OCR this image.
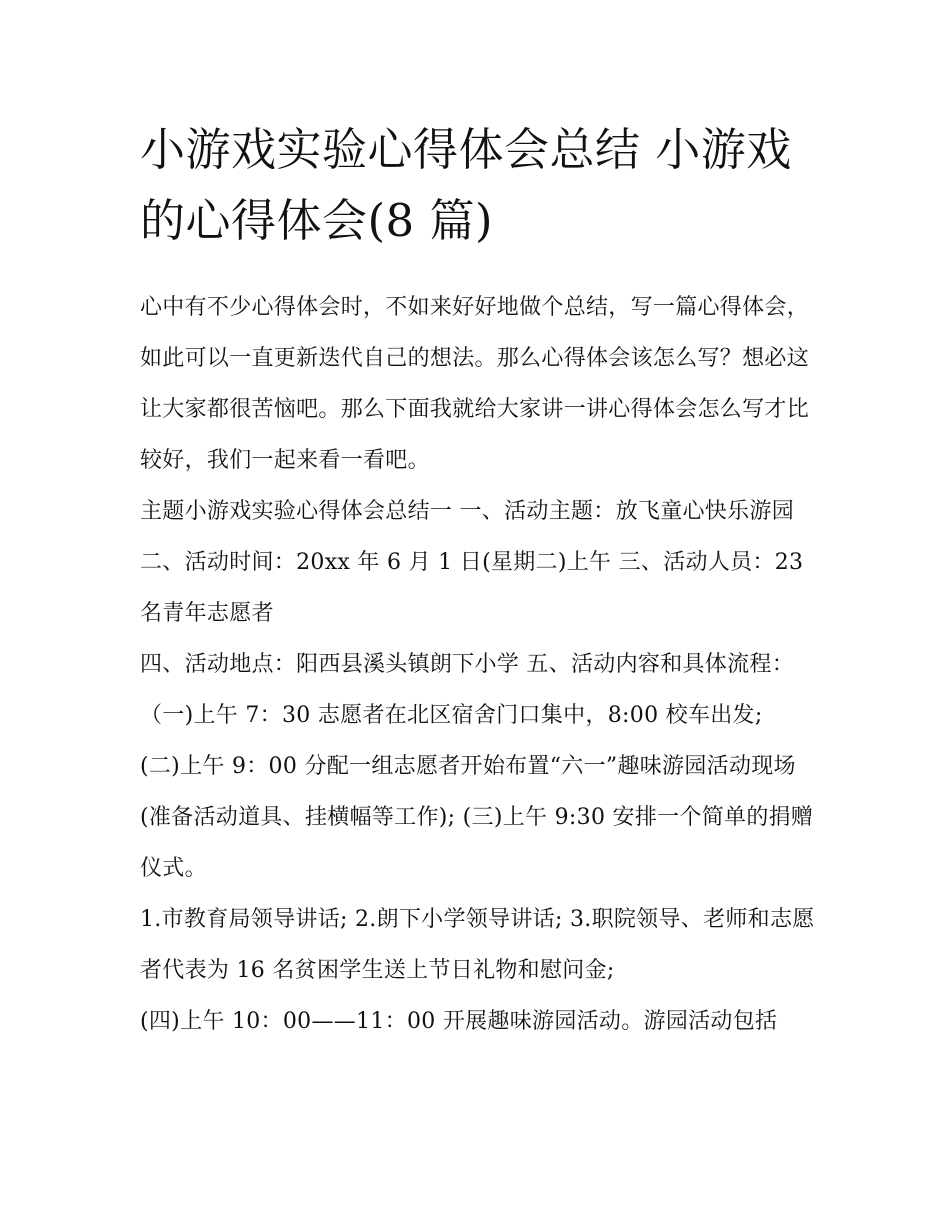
小游戏实验心得体会总结 小游戏的心得体会(8 篇)

心中有不少心得体会时，不如来好好地做个总结，写一篇心得体会，如此可以一直更新迭代自己的想法。那么心得体会该怎么写？想必这让大家都很苦恼吧。那么下面我就给大家讲一讲心得体会怎么写才比较好，我们一起来看一看吧。

主题小游戏实验心得体会总结一 一、活动主题：放飞童心快乐游园 二、活动时间：20xx 年 6 月 1 日(星期二)上午 三、活动人员：23 名青年志愿者

四、活动地点：阳西县溪头镇朗下小学 五、活动内容和具体流程：（一)上午 7：30 志愿者在北区宿舍门口集中，8:00 校车出发;

(二)上午 9：00 分配一组志愿者开始布置“六一”趣味游园活动现场(准备活动道具、挂横幅等工作); (三)上午 9:30 安排一个简单的捐赠仪式。

1.市教育局领导讲话; 2.朗下小学领导讲话; 3.职院领导、老师和志愿者代表为 16 名贫困学生送上节日礼物和慰问金;

(四)上午 10：00——11：00 开展趣味游园活动。游园活动包括
